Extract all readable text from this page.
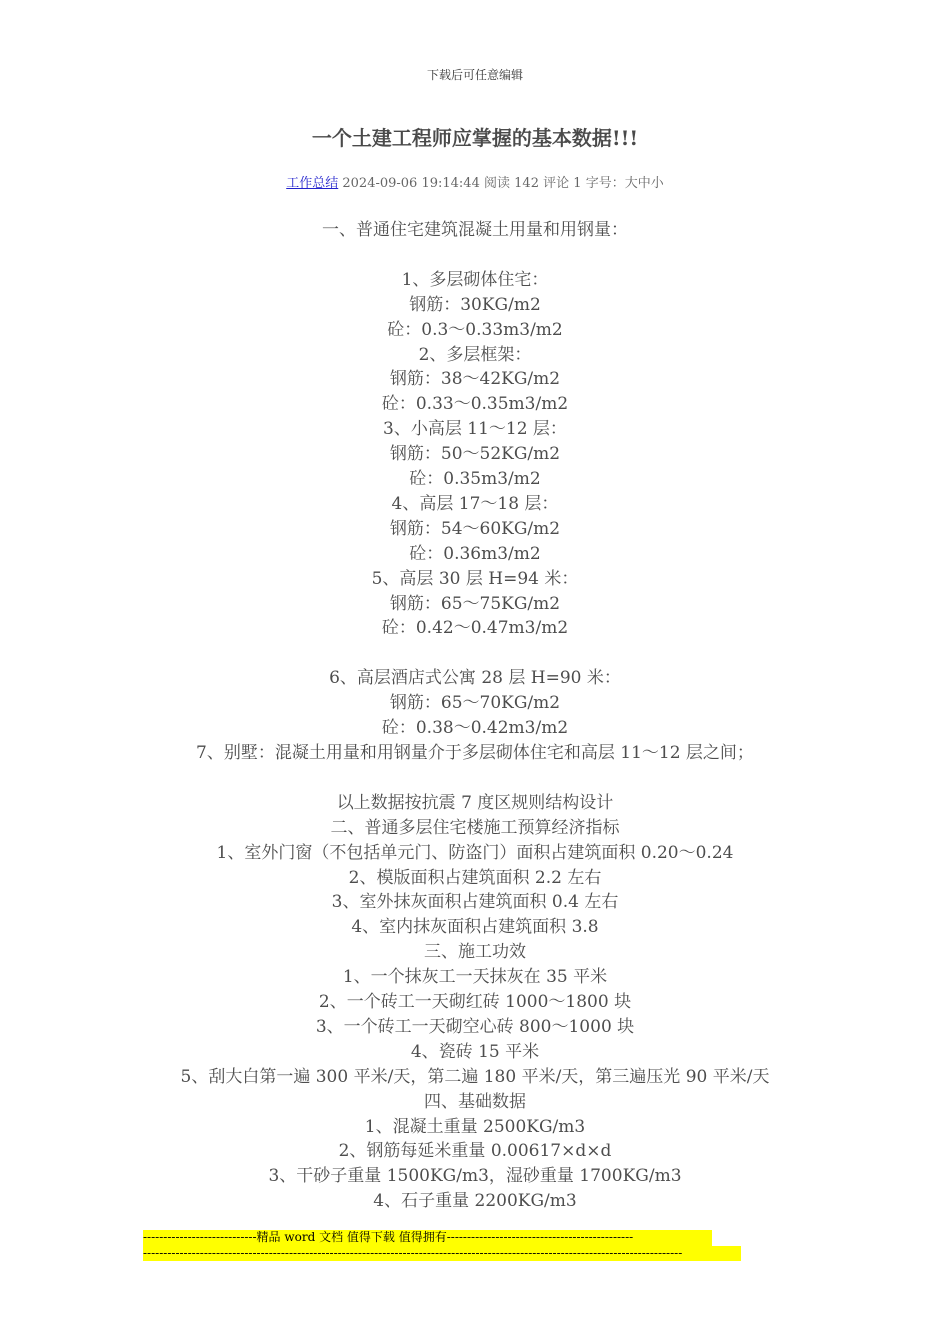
下载后可任意编辑
一个土建工程师应掌握的基本数据!!!
工作总结 2024-09-06 19:14:44 阅读 142 评论 1 字号：大中小
一、普通住宅建筑混凝土用量和用钢量：
1、多层砌体住宅：
钢筋：30KG/m2
砼：0.3～0.33m3/m2
2、多层框架：
钢筋：38～42KG/m2
砼：0.33～0.35m3/m2
3、小高层 11～12 层：
钢筋：50～52KG/m2
砼：0.35m3/m2
4、高层 17～18 层：
钢筋：54～60KG/m2
砼：0.36m3/m2
5、高层 30 层 H=94 米：
钢筋：65～75KG/m2
砼：0.42～0.47m3/m2
6、高层酒店式公寓 28 层 H=90 米：
钢筋：65～70KG/m2
砼：0.38～0.42m3/m2
7、别墅：混凝土用量和用钢量介于多层砌体住宅和高层 11～12 层之间；
以上数据按抗震 7 度区规则结构设计
二、普通多层住宅楼施工预算经济指标
1、室外门窗（不包括单元门、防盗门）面积占建筑面积 0.20～0.24
2、模版面积占建筑面积 2.2 左右
3、室外抹灰面积占建筑面积 0.4 左右
4、室内抹灰面积占建筑面积 3.8
三、施工功效
1、一个抹灰工一天抹灰在 35 平米
2、一个砖工一天砌红砖 1000～1800 块
3、一个砖工一天砌空心砖 800～1000 块
4、瓷砖 15 平米
5、刮大白第一遍 300 平米/天，第二遍 180 平米/天，第三遍压光 90 平米/天
四、基础数据
1、混凝土重量 2500KG/m3
2、钢筋每延米重量 0.00617×d×d
3、干砂子重量 1500KG/m3，湿砂重量 1700KG/m3
4、石子重量 2200KG/m3
----------------------------精品 word 文档 值得下载 值得拥有----------------------------------------------
-------------------------------------------------------------------------------------------------------------------------------------
